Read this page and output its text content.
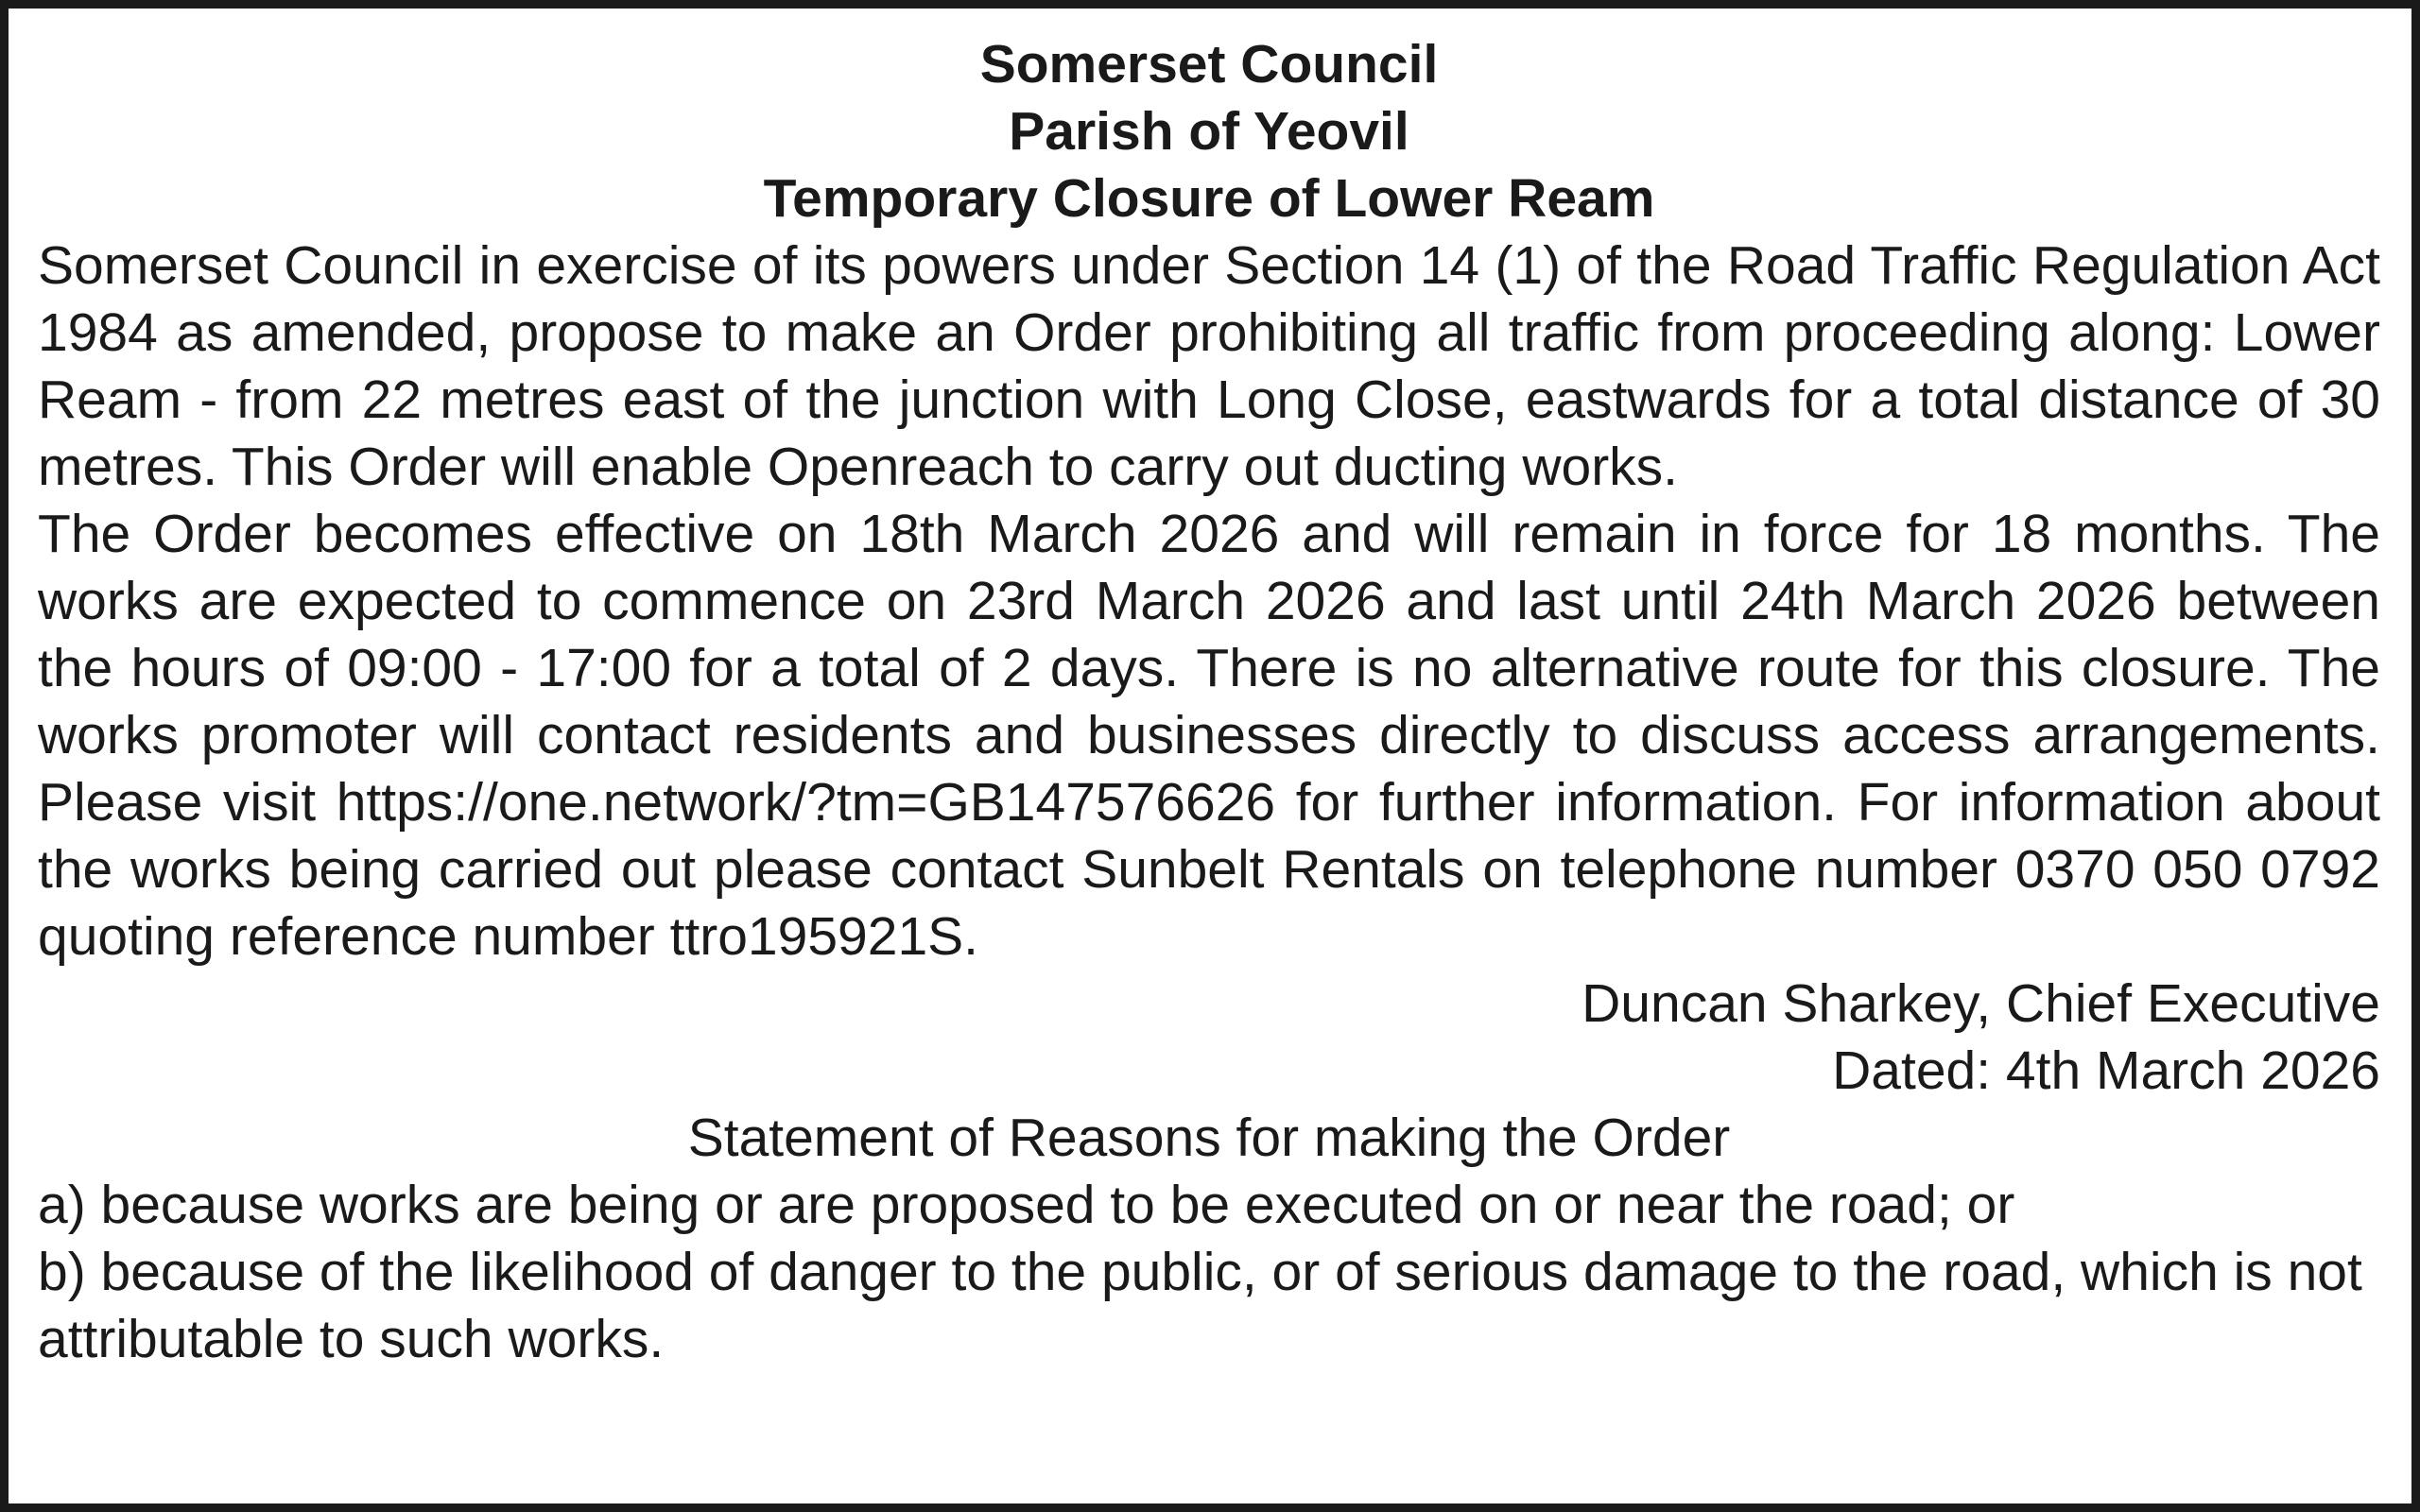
Somerset Council

Parish of Yeovil

Temporary Closure of Lower Ream

Somerset Council in exercise of its powers under Section 14 (1) of the Road Traffic Regulation Act 1984 as amended, propose to make an Order prohibiting all traffic from proceeding along: Lower Ream - from 22 metres east of the junction with Long Close, eastwards for a total distance of 30 metres. This Order will enable Openreach to carry out ducting works.

The Order becomes effective on 18th March 2026 and will remain in force for 18 months. The works are expected to commence on 23rd March 2026 and last until 24th March 2026 between the hours of 09:00 - 17:00 for a total of 2 days. There is no alternative route for this closure. The works promoter will contact residents and businesses directly to discuss access arrangements. Please visit https://one.network/?tm=GB147576626 for further information. For information about the works being carried out please contact Sunbelt Rentals on telephone number 0370 050 0792 quoting reference number ttro195921S.

Duncan Sharkey, Chief Executive

Dated: 4th March 2026

Statement of Reasons for making the Order

a) because works are being or are proposed to be executed on or near the road; or

b) because of the likelihood of danger to the public, or of serious damage to the road, which is not attributable to such works.
